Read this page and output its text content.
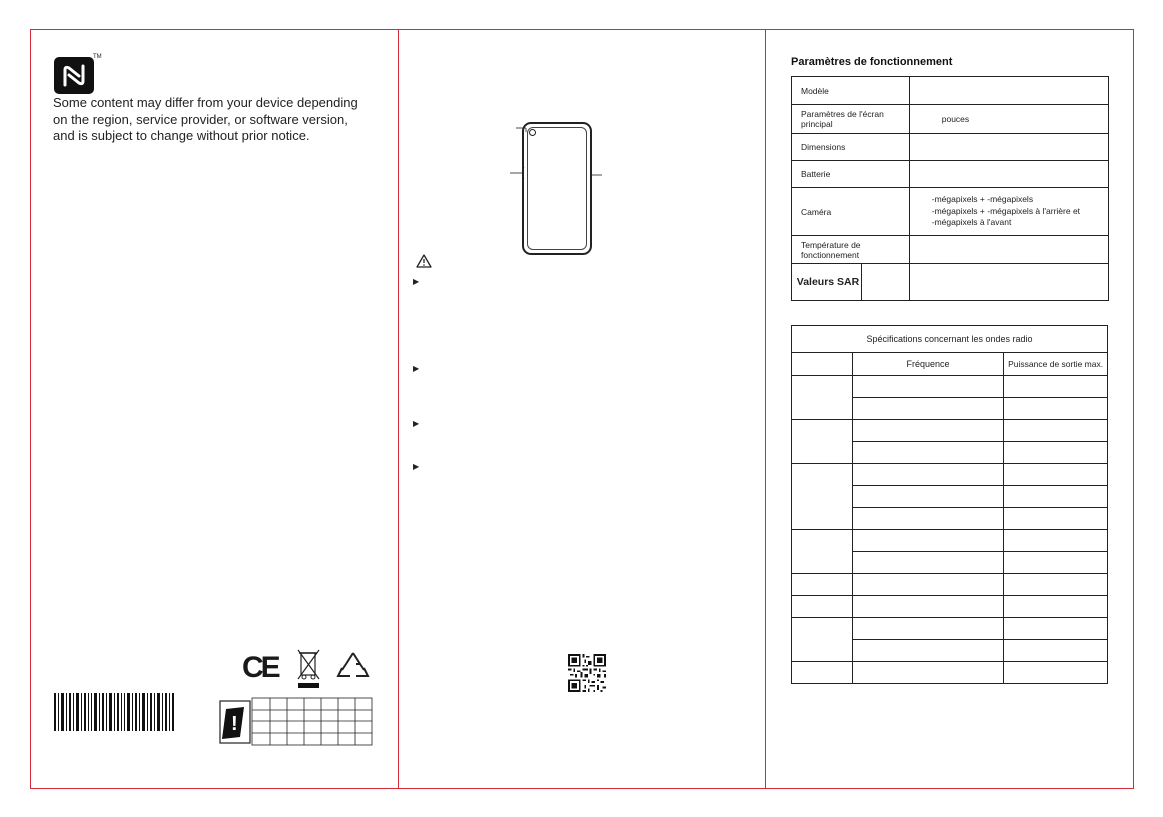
TM
Some content may differ from your device depending on the region, service provider, or software version, and is subject to change without prior notice.
CE
!
▶
▶
▶
▶
Paramètres de fonctionnement
Modèle	
Paramètres de l'écran principal	pouces
Dimensions	
Batterie	
Caméra	-mégapixels + -mégapixels
-mégapixels + -mégapixels à l'arrière et
-mégapixels à l'avant

Température de fonctionnement	

Valeurs SAR	

Spécifications concernant les ondes radio		
	Fréquence	Puissance de sortie max.
